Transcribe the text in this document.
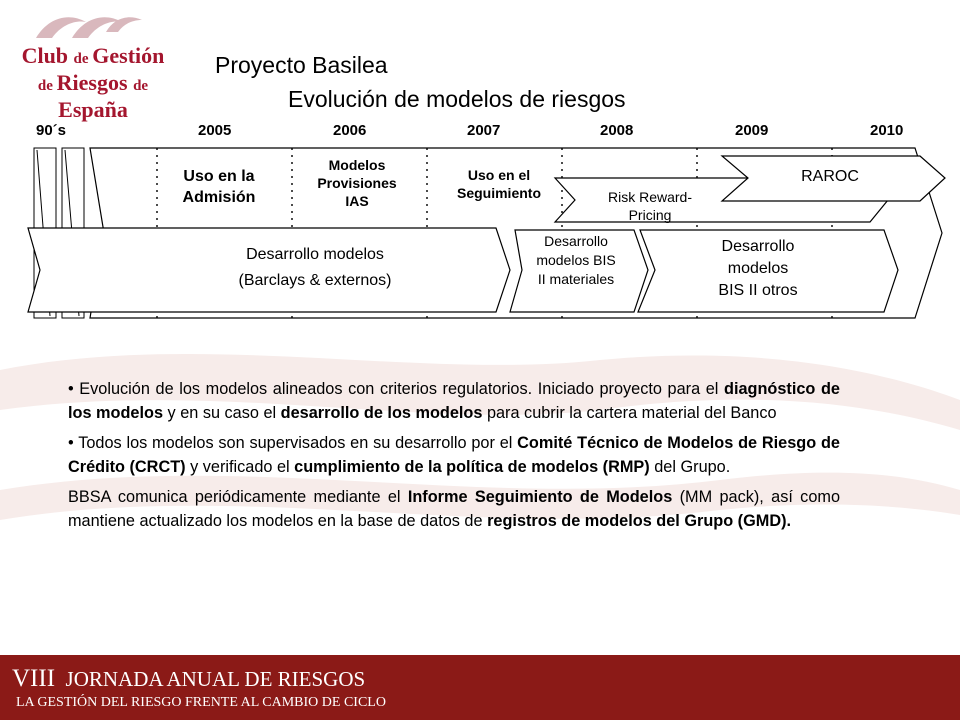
Club de Gestión
de Riesgos de España
Proyecto Basilea
Evolución de modelos de riesgos
90´s	2005	2006	2007	2008	2009	2010
Uso en la
Admisión
Modelos
Provisiones
IAS
Uso en el
Seguimiento	Risk Reward-
Pricing
RAROC
Desarrollo modelos
(Barclays & externos)
Desarrollo
modelos BIS
II materiales
Desarrollo
modelos
BIS II otros

• Evolución de los modelos alineados con criterios regulatorios. Iniciado proyecto para el diagnóstico de los modelos y en su caso el desarrollo de los modelos para cubrir la cartera material del Banco

• Todos los modelos son supervisados en su desarrollo por el Comité Técnico de Modelos de Riesgo de Crédito (CRCT) y verificado el cumplimiento de la política de modelos (RMP) del Grupo.

BBSA comunica periódicamente mediante el Informe Seguimiento de Modelos (MM pack), así como mantiene actualizado los modelos en la base de datos de registros de modelos del Grupo (GMD).

VIII JORNADA ANUAL DE RIESGOS
LA GESTIÓN DEL RIESGO FRENTE AL CAMBIO DE CICLO
